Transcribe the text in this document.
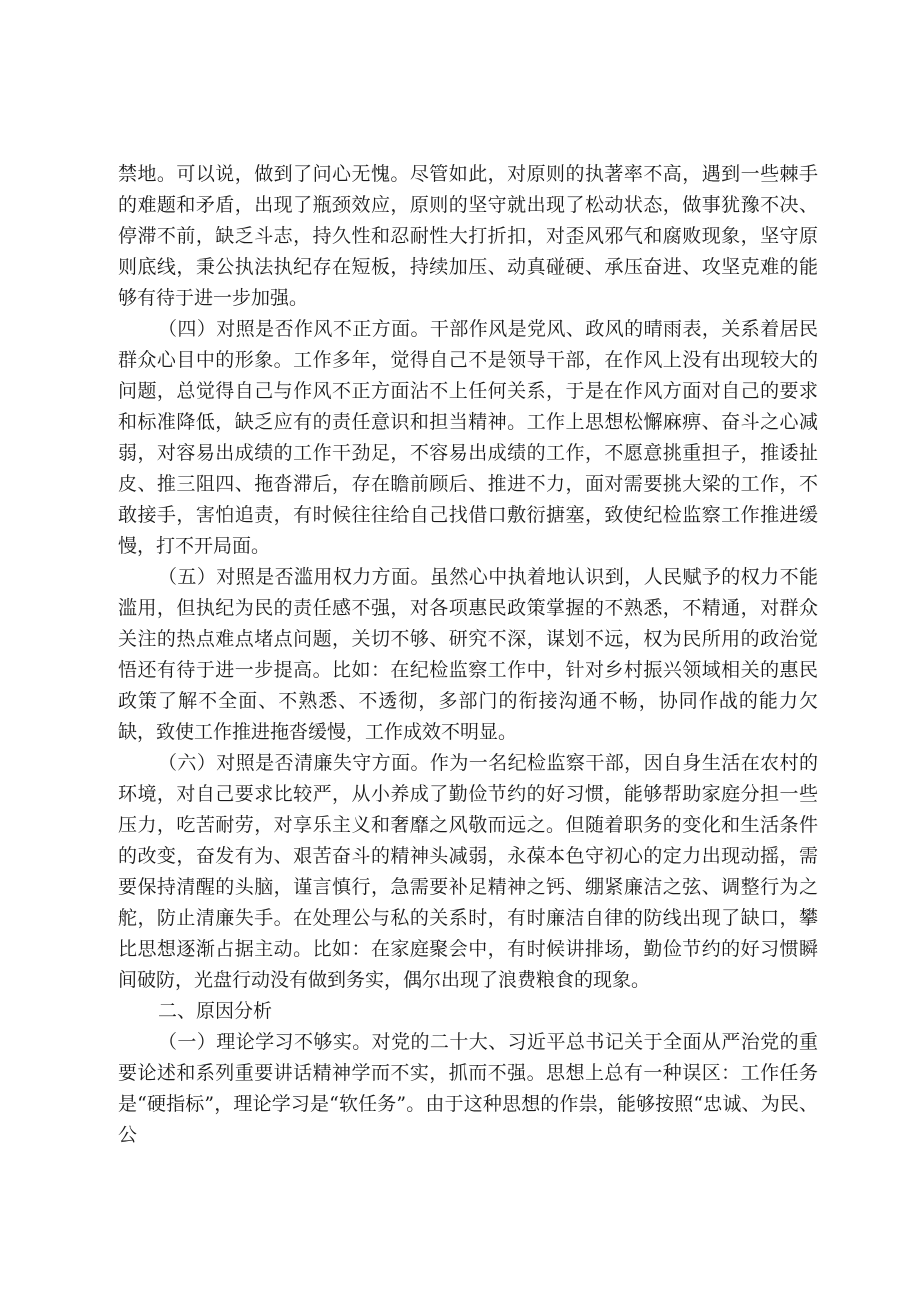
禁地。可以说，做到了问心无愧。尽管如此，对原则的执著率不高，遇到一些棘手的难题和矛盾，出现了瓶颈效应，原则的坚守就出现了松动状态，做事犹豫不决、停滞不前，缺乏斗志，持久性和忍耐性大打折扣，对歪风邪气和腐败现象，坚守原则底线，秉公执法执纪存在短板，持续加压、动真碰硬、承压奋进、攻坚克难的能够有待于进一步加强。

（四）对照是否作风不正方面。干部作风是党风、政风的晴雨表，关系着居民群众心目中的形象。工作多年，觉得自己不是领导干部，在作风上没有出现较大的问题，总觉得自己与作风不正方面沾不上任何关系，于是在作风方面对自己的要求和标准降低，缺乏应有的责任意识和担当精神。工作上思想松懈麻痹、奋斗之心减弱，对容易出成绩的工作干劲足，不容易出成绩的工作，不愿意挑重担子，推诿扯皮、推三阻四、拖沓滞后，存在瞻前顾后、推进不力，面对需要挑大梁的工作，不敢接手，害怕追责，有时候往往给自己找借口敷衍搪塞，致使纪检监察工作推进缓慢，打不开局面。

（五）对照是否滥用权力方面。虽然心中执着地认识到，人民赋予的权力不能滥用，但执纪为民的责任感不强，对各项惠民政策掌握的不熟悉，不精通，对群众关注的热点难点堵点问题，关切不够、研究不深，谋划不远，权为民所用的政治觉悟还有待于进一步提高。比如：在纪检监察工作中，针对乡村振兴领域相关的惠民政策了解不全面、不熟悉、不透彻，多部门的衔接沟通不畅，协同作战的能力欠缺，致使工作推进拖沓缓慢，工作成效不明显。

（六）对照是否清廉失守方面。作为一名纪检监察干部，因自身生活在农村的环境，对自己要求比较严，从小养成了勤俭节约的好习惯，能够帮助家庭分担一些压力，吃苦耐劳，对享乐主义和奢靡之风敬而远之。但随着职务的变化和生活条件的改变，奋发有为、艰苦奋斗的精神头减弱，永葆本色守初心的定力出现动摇，需要保持清醒的头脑，谨言慎行，急需要补足精神之钙、绷紧廉洁之弦、调整行为之舵，防止清廉失手。在处理公与私的关系时，有时廉洁自律的防线出现了缺口，攀比思想逐渐占据主动。比如：在家庭聚会中，有时候讲排场，勤俭节约的好习惯瞬间破防，光盘行动没有做到务实，偶尔出现了浪费粮食的现象。

二、原因分析

（一）理论学习不够实。对党的二十大、习近平总书记关于全面从严治党的重要论述和系列重要讲话精神学而不实，抓而不强。思想上总有一种误区：工作任务是“硬指标”，理论学习是“软任务”。由于这种思想的作祟，能够按照“忠诚、为民、公
